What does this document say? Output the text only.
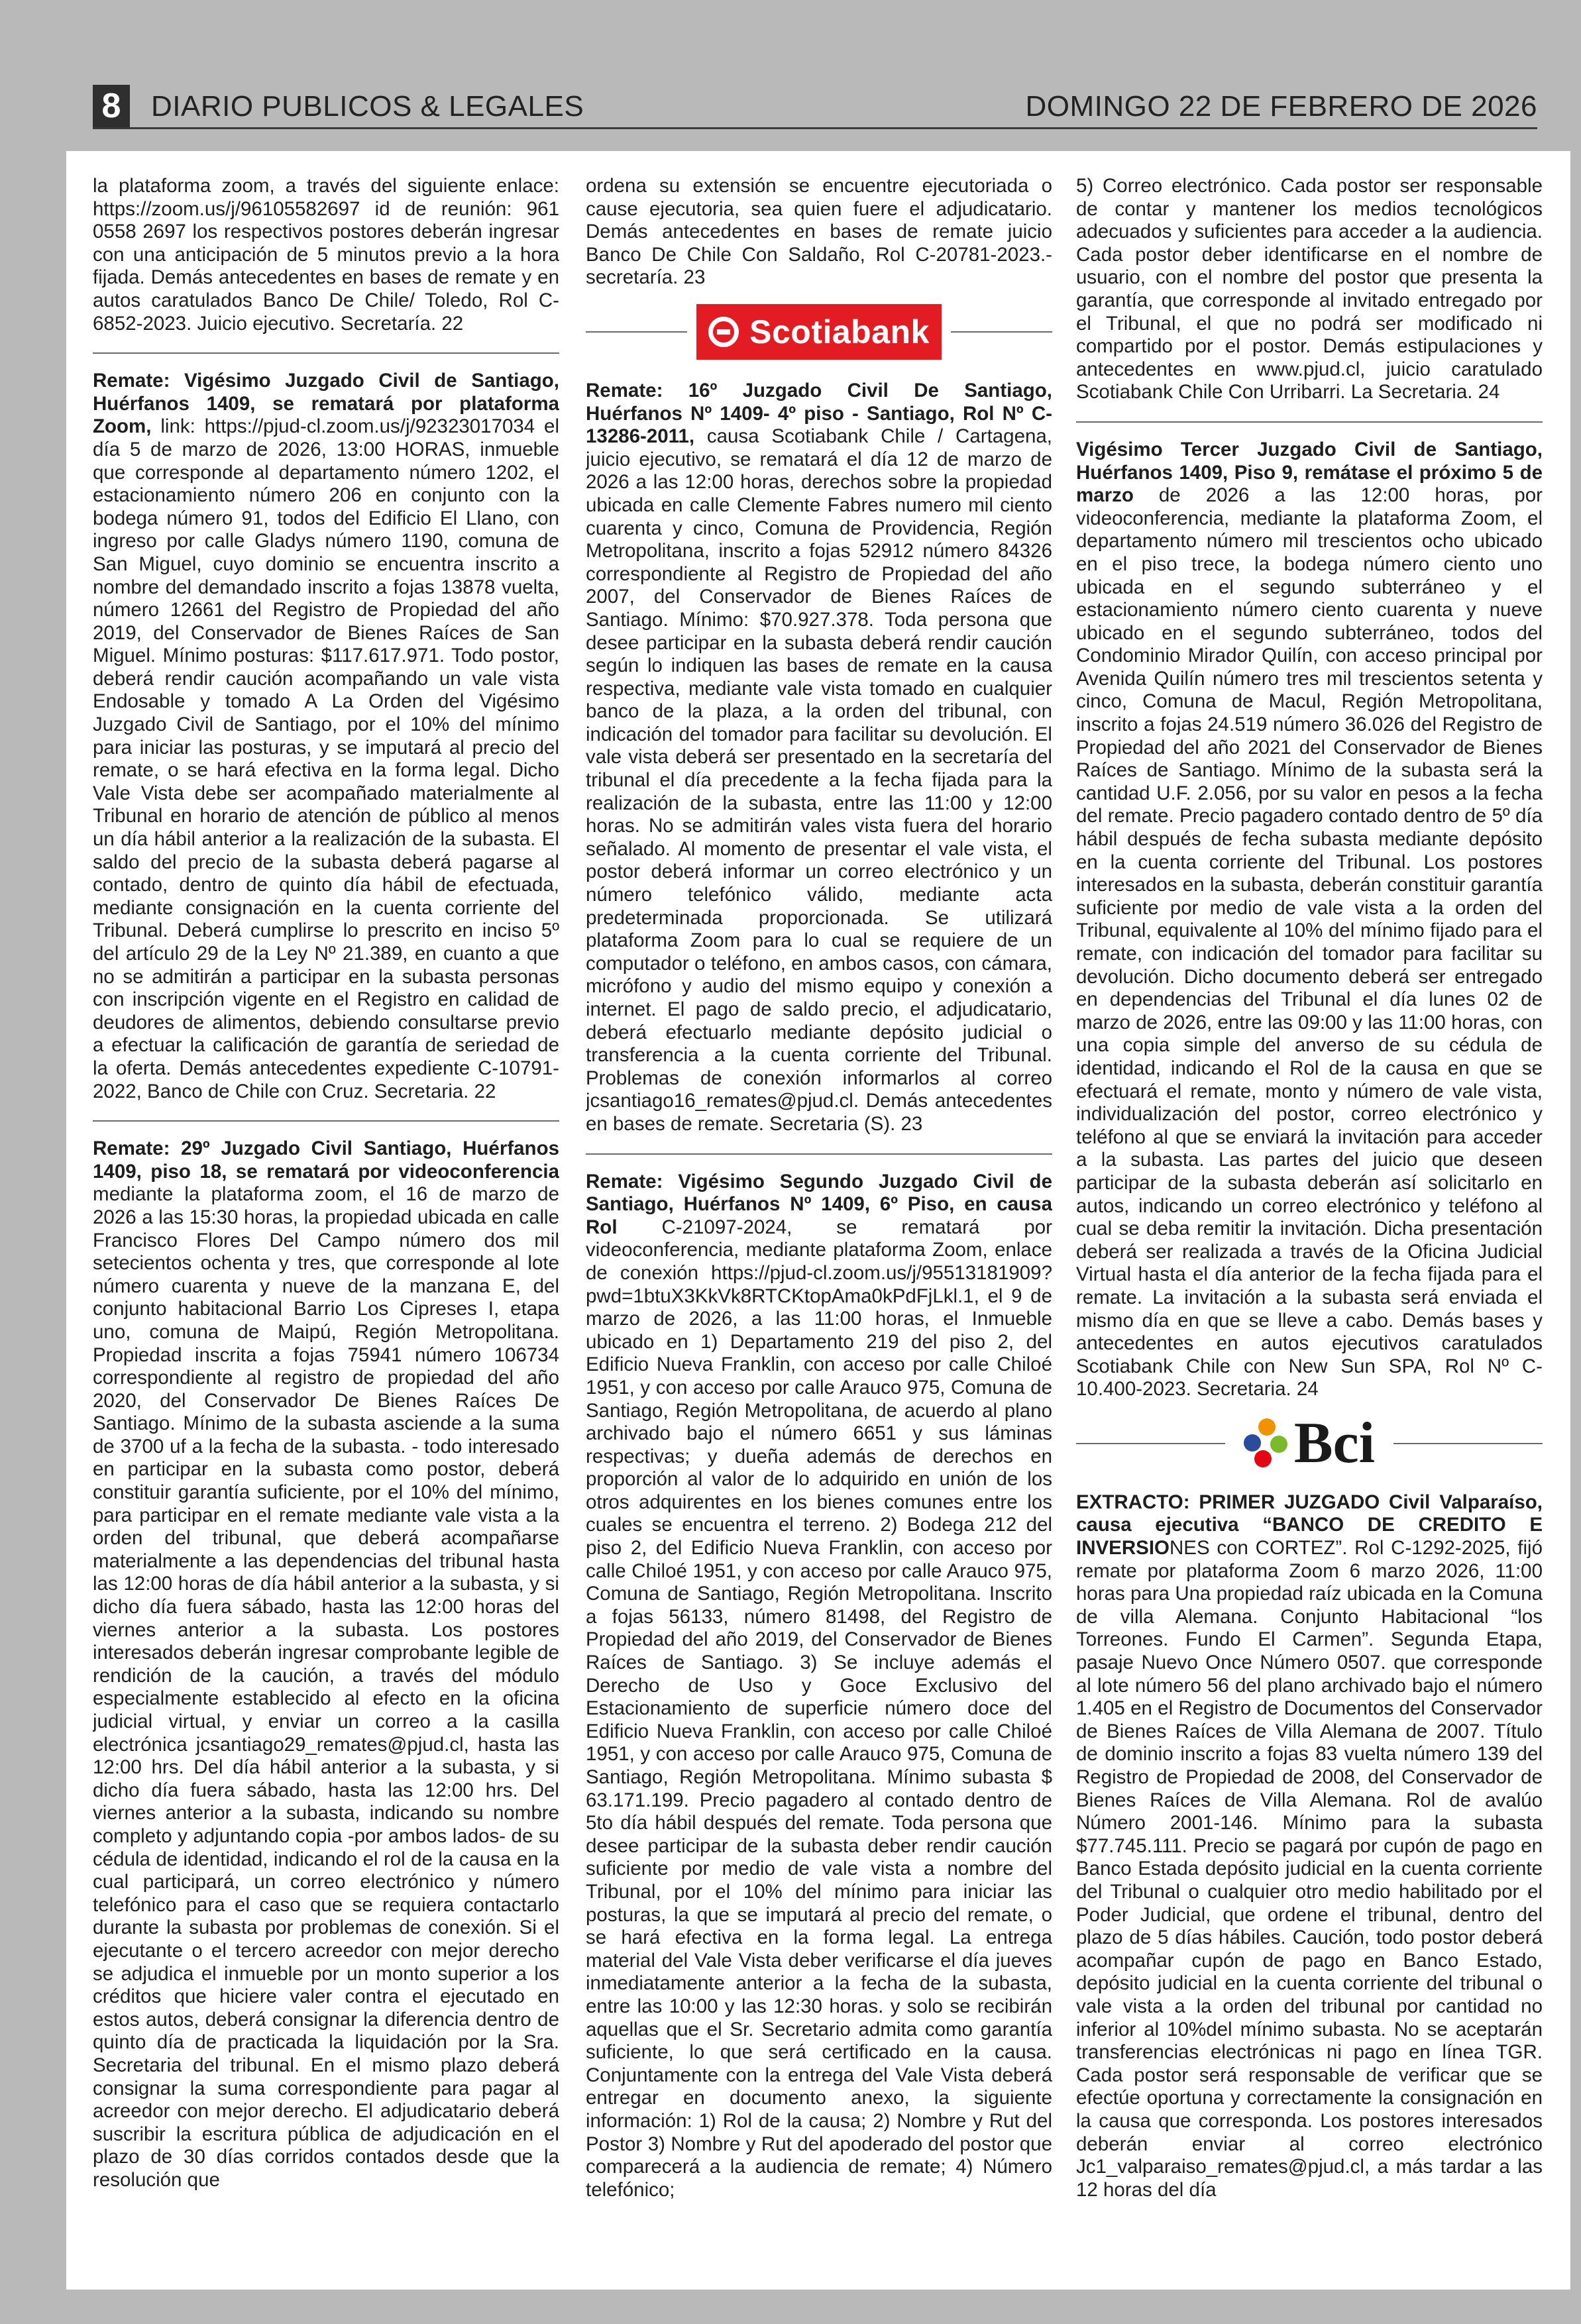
8	DIARIO PUBLICOS & LEGALES	DOMINGO 22 DE FEBRERO DE 2026

la plataforma zoom, a través del siguiente enlace: https://zoom.us/j/96105582697 id de reunión: 961 0558 2697 los respectivos postores deberán ingresar con una anticipación de 5 minutos previo a la hora fijada. Demás antecedentes en bases de remate y en autos caratulados Banco De Chile/ Toledo, Rol C-6852-2023. Juicio ejecutivo. Secretaría. 22

Remate: Vigésimo Juzgado Civil de Santiago, Huérfanos 1409, se rematará por plataforma Zoom, link: https://pjud-cl.zoom.us/j/92323017034 el día 5 de marzo de 2026, 13:00 HORAS, inmueble que corresponde al departamento número 1202, el estacionamiento número 206 en conjunto con la bodega número 91, todos del Edificio El Llano, con ingreso por calle Gladys número 1190, comuna de San Miguel, cuyo dominio se encuentra inscrito a nombre del demandado inscrito a fojas 13878 vuelta, número 12661 del Registro de Propiedad del año 2019, del Conservador de Bienes Raíces de San Miguel. Mínimo posturas: $117.617.971. Todo postor, deberá rendir caución acompañando un vale vista Endosable y tomado A La Orden del Vigésimo Juzgado Civil de Santiago, por el 10% del mínimo para iniciar las posturas, y se imputará al precio del remate, o se hará efectiva en la forma legal. Dicho Vale Vista debe ser acompañado materialmente al Tribunal en horario de atención de público al menos un día hábil anterior a la realización de la subasta. El saldo del precio de la subasta deberá pagarse al contado, dentro de quinto día hábil de efectuada, mediante consignación en la cuenta corriente del Tribunal. Deberá cumplirse lo prescrito en inciso 5º del artículo 29 de la Ley Nº 21.389, en cuanto a que no se admitirán a participar en la subasta personas con inscripción vigente en el Registro en calidad de deudores de alimentos, debiendo consultarse previo a efectuar la calificación de garantía de seriedad de la oferta. Demás antecedentes expediente C-10791-2022, Banco de Chile con Cruz. Secretaria. 22

Remate: 29º Juzgado Civil Santiago, Huérfanos 1409, piso 18, se rematará por videoconferencia mediante la plataforma zoom, el 16 de marzo de 2026 a las 15:30 horas, la propiedad ubicada en calle Francisco Flores Del Campo número dos mil setecientos ochenta y tres, que corresponde al lote número cuarenta y nueve de la manzana E, del conjunto habitacional Barrio Los Cipreses I, etapa uno, comuna de Maipú, Región Metropolitana. Propiedad inscrita a fojas 75941 número 106734 correspondiente al registro de propiedad del año 2020, del Conservador De Bienes Raíces De Santiago. Mínimo de la subasta asciende a la suma de 3700 uf a la fecha de la subasta. - todo interesado en participar en la subasta como postor, deberá constituir garantía suficiente, por el 10% del mínimo, para participar en el remate mediante vale vista a la orden del tribunal, que deberá acompañarse materialmente a las dependencias del tribunal hasta las 12:00 horas de día hábil anterior a la subasta, y si dicho día fuera sábado, hasta las 12:00 horas del viernes anterior a la subasta. Los postores interesados deberán ingresar comprobante legible de rendición de la caución, a través del módulo especialmente establecido al efecto en la oficina judicial virtual, y enviar un correo a la casilla electrónica jcsantiago29_remates@pjud.cl, hasta las 12:00 hrs. Del día hábil anterior a la subasta, y si dicho día fuera sábado, hasta las 12:00 hrs. Del viernes anterior a la subasta, indicando su nombre completo y adjuntando copia -por ambos lados- de su cédula de identidad, indicando el rol de la causa en la cual participará, un correo electrónico y número telefónico para el caso que se requiera contactarlo durante la subasta por problemas de conexión. Si el ejecutante o el tercero acreedor con mejor derecho se adjudica el inmueble por un monto superior a los créditos que hiciere valer contra el ejecutado en estos autos, deberá consignar la diferencia dentro de quinto día de practicada la liquidación por la Sra. Secretaria del tribunal. En el mismo plazo deberá consignar la suma correspondiente para pagar al acreedor con mejor derecho. El adjudicatario deberá suscribir la escritura pública de adjudicación en el plazo de 30 días corridos contados desde que la resolución que

ordena su extensión se encuentre ejecutoriada o cause ejecutoria, sea quien fuere el adjudicatario. Demás antecedentes en bases de remate juicio Banco De Chile Con Saldaño, Rol C-20781-2023.- secretaría. 23

Scotiabank

Remate: 16º Juzgado Civil De Santiago, Huérfanos Nº 1409- 4º piso - Santiago, Rol Nº C-13286-2011, causa Scotiabank Chile / Cartagena, juicio ejecutivo, se rematará el día 12 de marzo de 2026 a las 12:00 horas, derechos sobre la propiedad ubicada en calle Clemente Fabres numero mil ciento cuarenta y cinco, Comuna de Providencia, Región Metropolitana, inscrito a fojas 52912 número 84326 correspondiente al Registro de Propiedad del año 2007, del Conservador de Bienes Raíces de Santiago. Mínimo: $70.927.378. Toda persona que desee participar en la subasta deberá rendir caución según lo indiquen las bases de remate en la causa respectiva, mediante vale vista tomado en cualquier banco de la plaza, a la orden del tribunal, con indicación del tomador para facilitar su devolución. El vale vista deberá ser presentado en la secretaría del tribunal el día precedente a la fecha fijada para la realización de la subasta, entre las 11:00 y 12:00 horas. No se admitirán vales vista fuera del horario señalado. Al momento de presentar el vale vista, el postor deberá informar un correo electrónico y un número telefónico válido, mediante acta predeterminada proporcionada. Se utilizará plataforma Zoom para lo cual se requiere de un computador o teléfono, en ambos casos, con cámara, micrófono y audio del mismo equipo y conexión a internet. El pago de saldo precio, el adjudicatario, deberá efectuarlo mediante depósito judicial o transferencia a la cuenta corriente del Tribunal. Problemas de conexión informarlos al correo jcsantiago16_remates@pjud.cl. Demás antecedentes en bases de remate. Secretaria (S). 23

Remate: Vigésimo Segundo Juzgado Civil de Santiago, Huérfanos Nº 1409, 6º Piso, en causa Rol C-21097-2024, se rematará por videoconferencia, mediante plataforma Zoom, enlace de conexión https://pjud-cl.zoom.us/j/95513181909?pwd=1btuX3KkVk8RTCKtopAma0kPdFjLkl.1, el 9 de marzo de 2026, a las 11:00 horas, el Inmueble ubicado en 1) Departamento 219 del piso 2, del Edificio Nueva Franklin, con acceso por calle Chiloé 1951, y con acceso por calle Arauco 975, Comuna de Santiago, Región Metropolitana, de acuerdo al plano archivado bajo el número 6651 y sus láminas respectivas; y dueña además de derechos en proporción al valor de lo adquirido en unión de los otros adquirentes en los bienes comunes entre los cuales se encuentra el terreno. 2) Bodega 212 del piso 2, del Edificio Nueva Franklin, con acceso por calle Chiloé 1951, y con acceso por calle Arauco 975, Comuna de Santiago, Región Metropolitana. Inscrito a fojas 56133, número 81498, del Registro de Propiedad del año 2019, del Conservador de Bienes Raíces de Santiago. 3) Se incluye además el Derecho de Uso y Goce Exclusivo del Estacionamiento de superficie número doce del Edificio Nueva Franklin, con acceso por calle Chiloé 1951, y con acceso por calle Arauco 975, Comuna de Santiago, Región Metropolitana. Mínimo subasta $ 63.171.199. Precio pagadero al contado dentro de 5to día hábil después del remate. Toda persona que desee participar de la subasta deber rendir caución suficiente por medio de vale vista a nombre del Tribunal, por el 10% del mínimo para iniciar las posturas, la que se imputará al precio del remate, o se hará efectiva en la forma legal. La entrega material del Vale Vista deber verificarse el día jueves inmediatamente anterior a la fecha de la subasta, entre las 10:00 y las 12:30 horas. y solo se recibirán aquellas que el Sr. Secretario admita como garantía suficiente, lo que será certificado en la causa. Conjuntamente con la entrega del Vale Vista deberá entregar en documento anexo, la siguiente información: 1) Rol de la causa; 2) Nombre y Rut del Postor 3) Nombre y Rut del apoderado del postor que comparecerá a la audiencia de remate; 4) Número telefónico;

5) Correo electrónico. Cada postor ser responsable de contar y mantener los medios tecnológicos adecuados y suficientes para acceder a la audiencia. Cada postor deber identificarse en el nombre de usuario, con el nombre del postor que presenta la garantía, que corresponde al invitado entregado por el Tribunal, el que no podrá ser modificado ni compartido por el postor. Demás estipulaciones y antecedentes en www.pjud.cl, juicio caratulado Scotiabank Chile Con Urribarri. La Secretaria. 24

Vigésimo Tercer Juzgado Civil de Santiago, Huérfanos 1409, Piso 9, remátase el próximo 5 de marzo de 2026 a las 12:00 horas, por videoconferencia, mediante la plataforma Zoom, el departamento número mil trescientos ocho ubicado en el piso trece, la bodega número ciento uno ubicada en el segundo subterráneo y el estacionamiento número ciento cuarenta y nueve ubicado en el segundo subterráneo, todos del Condominio Mirador Quilín, con acceso principal por Avenida Quilín número tres mil trescientos setenta y cinco, Comuna de Macul, Región Metropolitana, inscrito a fojas 24.519 número 36.026 del Registro de Propiedad del año 2021 del Conservador de Bienes Raíces de Santiago. Mínimo de la subasta será la cantidad U.F. 2.056, por su valor en pesos a la fecha del remate. Precio pagadero contado dentro de 5º día hábil después de fecha subasta mediante depósito en la cuenta corriente del Tribunal. Los postores interesados en la subasta, deberán constituir garantía suficiente por medio de vale vista a la orden del Tribunal, equivalente al 10% del mínimo fijado para el remate, con indicación del tomador para facilitar su devolución. Dicho documento deberá ser entregado en dependencias del Tribunal el día lunes 02 de marzo de 2026, entre las 09:00 y las 11:00 horas, con una copia simple del anverso de su cédula de identidad, indicando el Rol de la causa en que se efectuará el remate, monto y número de vale vista, individualización del postor, correo electrónico y teléfono al que se enviará la invitación para acceder a la subasta. Las partes del juicio que deseen participar de la subasta deberán así solicitarlo en autos, indicando un correo electrónico y teléfono al cual se deba remitir la invitación. Dicha presentación deberá ser realizada a través de la Oficina Judicial Virtual hasta el día anterior de la fecha fijada para el remate. La invitación a la subasta será enviada el mismo día en que se lleve a cabo. Demás bases y antecedentes en autos ejecutivos caratulados Scotiabank Chile con New Sun SPA, Rol Nº C-10.400-2023. Secretaria. 24

Bci

EXTRACTO: PRIMER JUZGADO Civil Valparaíso, causa ejecutiva “BANCO DE CREDITO E INVERSIONES con CORTEZ”. Rol C-1292-2025, fijó remate por plataforma Zoom 6 marzo 2026, 11:00 horas para Una propiedad raíz ubicada en la Comuna de villa Alemana. Conjunto Habitacional “los Torreones. Fundo El Carmen”. Segunda Etapa, pasaje Nuevo Once Número 0507. que corresponde al lote número 56 del plano archivado bajo el número 1.405 en el Registro de Documentos del Conservador de Bienes Raíces de Villa Alemana de 2007. Título de dominio inscrito a fojas 83 vuelta número 139 del Registro de Propiedad de 2008, del Conservador de Bienes Raíces de Villa Alemana. Rol de avalúo Número 2001-146. Mínimo para la subasta $77.745.111. Precio se pagará por cupón de pago en Banco Estada depósito judicial en la cuenta corriente del Tribunal o cualquier otro medio habilitado por el Poder Judicial, que ordene el tribunal, dentro del plazo de 5 días hábiles. Caución, todo postor deberá acompañar cupón de pago en Banco Estado, depósito judicial en la cuenta corriente del tribunal o vale vista a la orden del tribunal por cantidad no inferior al 10%del mínimo subasta. No se aceptarán transferencias electrónicas ni pago en línea TGR. Cada postor será responsable de verificar que se efectúe oportuna y correctamente la consignación en la causa que corresponda. Los postores interesados deberán enviar al correo electrónico Jc1_valparaiso_remates@pjud.cl, a más tardar a las 12 horas del día
